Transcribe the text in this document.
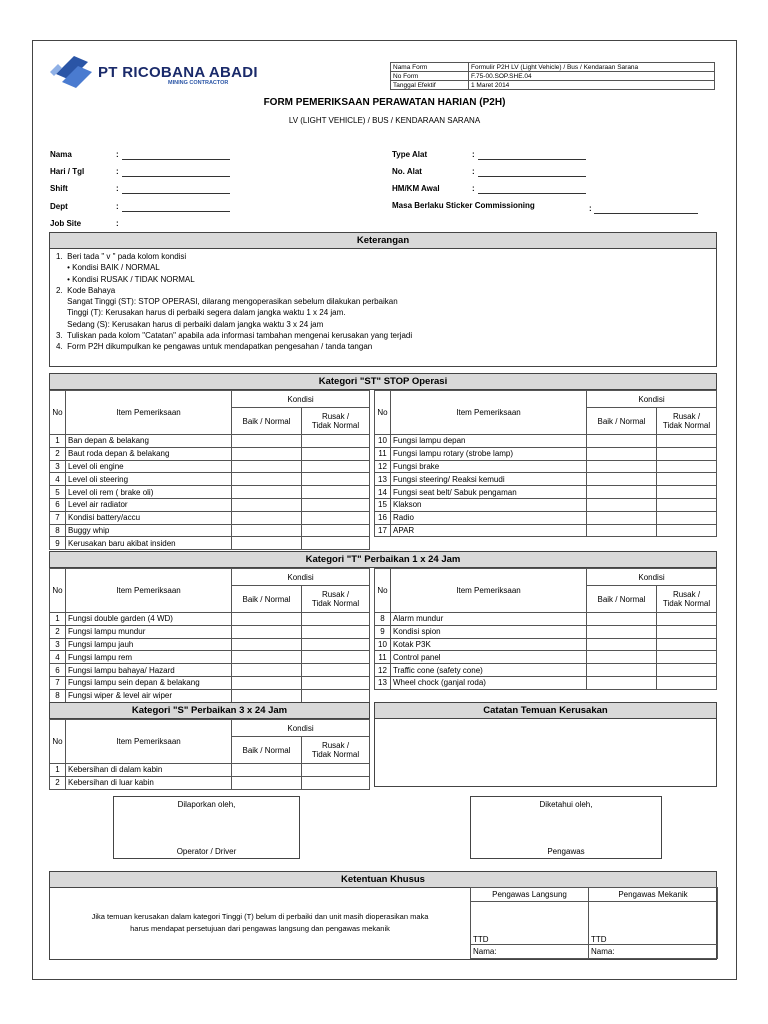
PT RICOBANA ABADI
MINING CONTRACTOR
Nama Form	Formulir P2H LV (Light Vehicle) / Bus / Kendaraan Sarana
No Form	F.75-00.SOP.SHE.04
Tanggal Efektif	1 Maret 2014
FORM PEMERIKSAAN PERAWATAN HARIAN (P2H)
LV (LIGHT VEHICLE) / BUS / KENDARAAN SARANA
Nama	:
Hari / Tgl	:
Shift	:
Dept	:
Job Site	:
Type Alat	:
No. Alat	:
HM/KM Awal	:
Masa Berlaku Sticker Commissioning	:
Keterangan
1.  Beri tada " v " pada kolom kondisi
• Kondisi BAIK / NORMAL
• Kondisi RUSAK / TIDAK NORMAL
2.  Kode Bahaya
Sangat Tinggi (ST): STOP OPERASI, dilarang mengoperasikan sebelum dilakukan perbaikan
Tinggi (T): Kerusakan harus di perbaiki segera dalam jangka waktu 1 x 24 jam.
Sedang (S): Kerusakan harus di perbaiki dalam jangka waktu 3 x 24 jam
3.  Tuliskan pada kolom "Catatan" apabila ada informasi tambahan mengenai kerusakan yang terjadi
4.  Form P2H dikumpulkan ke pengawas untuk mendapatkan pengesahan / tanda tangan
Kategori "ST" STOP Operasi
No	Item Pemeriksaan	Kondisi	
		Baik / Normal	Rusak /
Tidak Normal

1	Ban depan & belakang		
2	Baut roda depan & belakang		
3	Level oli engine		
4	Level oli steering		
5	Level oli rem ( brake oli)		
6	Level air radiator		
7	Kondisi battery/accu		
8	Buggy whip		
9	Kerusakan baru akibat insiden		
No	Item Pemeriksaan	Kondisi	
		Baik / Normal	Rusak /
Tidak Normal

10	Fungsi lampu depan		
11	Fungsi lampu rotary (strobe lamp)		
12	Fungsi brake		
13	Fungsi steering/ Reaksi kemudi		
14	Fungsi seat belt/ Sabuk pengaman		
15	Klakson		
16	Radio		
17	APAR		
Kategori "T" Perbaikan 1 x 24 Jam
No	Item Pemeriksaan	Kondisi	
		Baik / Normal	Rusak /
Tidak Normal

1	Fungsi double garden (4 WD)		
2	Fungsi lampu mundur		
3	Fungsi lampu jauh		
4	Fungsi lampu rem		
6	Fungsi lampu bahaya/ Hazard		
7	Fungsi lampu sein depan & belakang		
8	Fungsi wiper & level air wiper		
No	Item Pemeriksaan	Kondisi	
		Baik / Normal	Rusak /
Tidak Normal

8	Alarm mundur		
9	Kondisi spion		
10	Kotak P3K		
11	Control panel		
12	Traffic cone (safety cone)		
13	Wheel chock (ganjal roda)		
Kategori "S" Perbaikan 3 x 24 Jam
No	Item Pemeriksaan	Kondisi	
		Baik / Normal	Rusak /
Tidak Normal

1	Kebersihan di dalam kabin		
2	Kebersihan di luar kabin		
Catatan Temuan Kerusakan
Dilaporkan oleh,
Operator / Driver
Diketahui oleh,
Pengawas
Ketentuan Khusus
Jika temuan kerusakan dalam kategori Tinggi (T) belum di perbaiki dan unit masih dioperasikan maka
harus mendapat persetujuan dari pengawas langsung dan pengawas mekanik
Pengawas Langsung	Pengawas Mekanik
TTD	TTD
Nama:	Nama:
